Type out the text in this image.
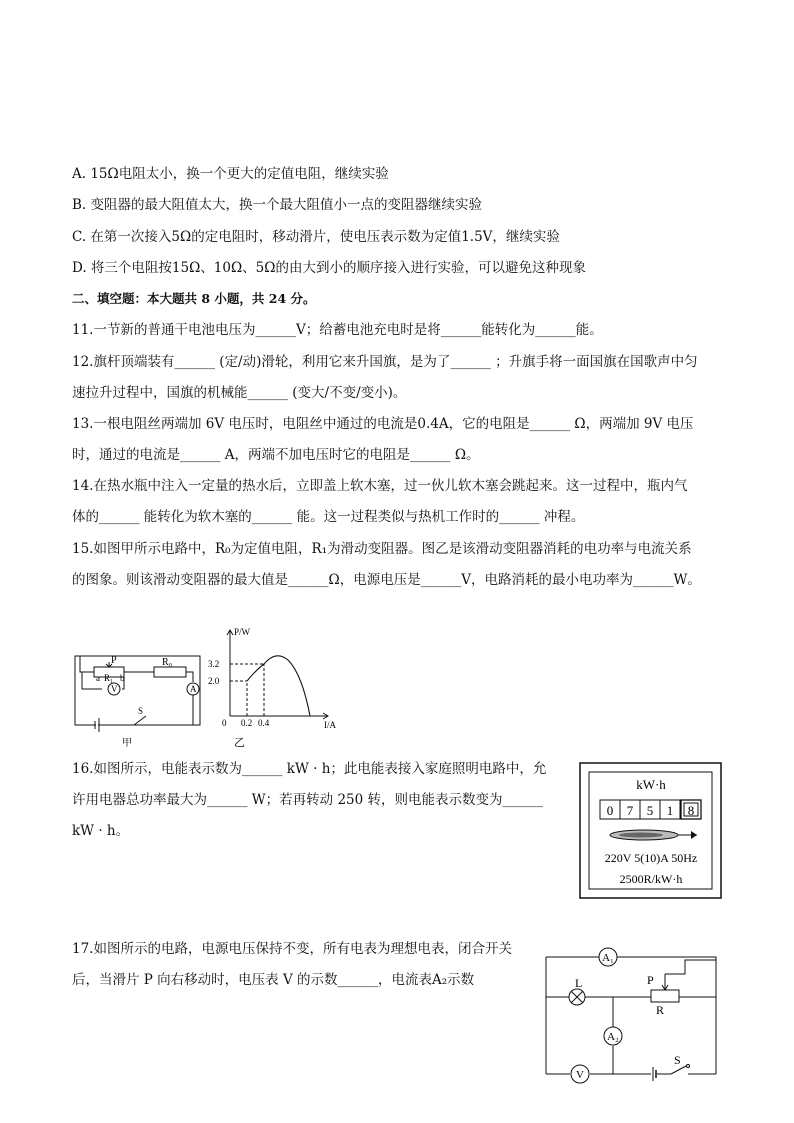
A. 15Ω电阻太小，换一个更大的定值电阻，继续实验
B. 变阻器的最大阻值太大，换一个最大阻值小一点的变阻器继续实验
C. 在第一次接入5Ω的定电阻时，移动滑片，使电压表示数为定值1.5V，继续实验
D. 将三个电阻按15Ω、10Ω、5Ω的由大到小的顺序接入进行实验，可以避免这种现象
二、填空题：本大题共 8 小题，共 24 分。
11.一节新的普通干电池电压为______V；给蓄电池充电时是将______能转化为______能。
12.旗杆顶端装有______ (定/动)滑轮，利用它来升国旗，是为了______ ；升旗手将一面国旗在国歌声中匀
速拉升过程中，国旗的机械能______ (变大/不变/变小)。
13.一根电阻丝两端加 6V 电压时，电阻丝中通过的电流是0.4A，它的电阻是______ Ω，两端加 9V 电压
时，通过的电流是______ A，两端不加电压时它的电阻是______ Ω。
14.在热水瓶中注入一定量的热水后，立即盖上软木塞，过一伙儿软木塞会跳起来。这一过程中，瓶内气
体的______ 能转化为软木塞的______ 能。这一过程类似与热机工作时的______ 冲程。
15.如图甲所示电路中，R₀为定值电阻，R₁为滑动变阻器。图乙是该滑动变阻器消耗的电功率与电流关系
的图象。则该滑动变阻器的最大值是______Ω，电源电压是______V，电路消耗的最小电功率为______W。
P	R₀
a R₁ b
V	A
S
甲
P/W
I/A
0
3.2
2.0
0.2 0.4
乙
16.如图所示，电能表示数为______ kW · h；此电能表接入家庭照明电路中，允
许用电器总功率最大为______ W；若再转动 250 转，则电能表示数变为______
kW · h。
kW·h
0 7 5 1 8
220V 5(10)A 50Hz
2500R/kW·h
17.如图所示的电路，电源电压保持不变，所有电表为理想电表，闭合开关
后，当滑片 P 向右移动时，电压表 V 的示数______，电流表A₂示数
A₁
L	P
R
A₂
V
S
